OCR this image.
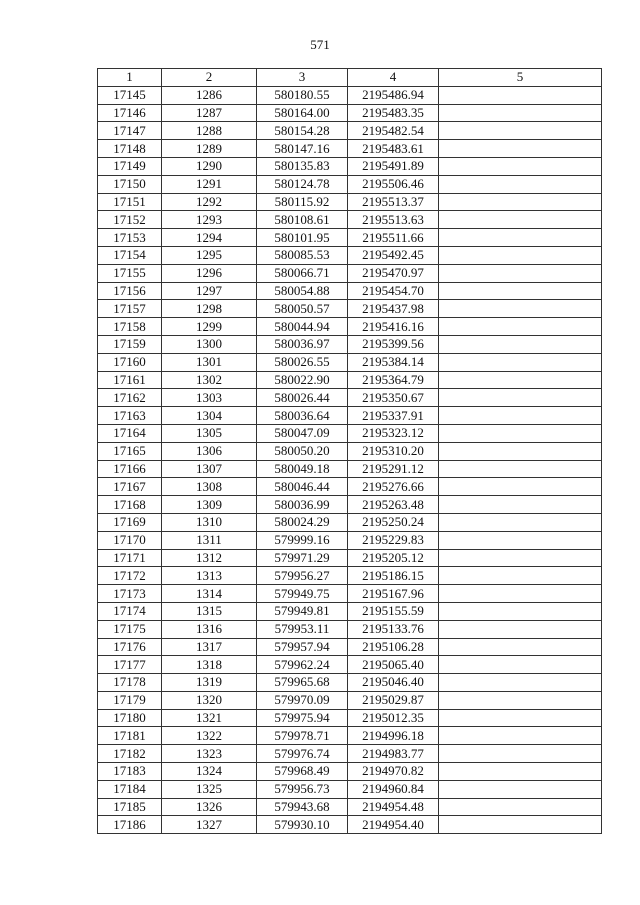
571
1	2	3	4	5
17145	1286	580180.55	2195486.94	
17146	1287	580164.00	2195483.35	
17147	1288	580154.28	2195482.54	
17148	1289	580147.16	2195483.61	
17149	1290	580135.83	2195491.89	
17150	1291	580124.78	2195506.46	
17151	1292	580115.92	2195513.37	
17152	1293	580108.61	2195513.63	
17153	1294	580101.95	2195511.66	
17154	1295	580085.53	2195492.45	
17155	1296	580066.71	2195470.97	
17156	1297	580054.88	2195454.70	
17157	1298	580050.57	2195437.98	
17158	1299	580044.94	2195416.16	
17159	1300	580036.97	2195399.56	
17160	1301	580026.55	2195384.14	
17161	1302	580022.90	2195364.79	
17162	1303	580026.44	2195350.67	
17163	1304	580036.64	2195337.91	
17164	1305	580047.09	2195323.12	
17165	1306	580050.20	2195310.20	
17166	1307	580049.18	2195291.12	
17167	1308	580046.44	2195276.66	
17168	1309	580036.99	2195263.48	
17169	1310	580024.29	2195250.24	
17170	1311	579999.16	2195229.83	
17171	1312	579971.29	2195205.12	
17172	1313	579956.27	2195186.15	
17173	1314	579949.75	2195167.96	
17174	1315	579949.81	2195155.59	
17175	1316	579953.11	2195133.76	
17176	1317	579957.94	2195106.28	
17177	1318	579962.24	2195065.40	
17178	1319	579965.68	2195046.40	
17179	1320	579970.09	2195029.87	
17180	1321	579975.94	2195012.35	
17181	1322	579978.71	2194996.18	
17182	1323	579976.74	2194983.77	
17183	1324	579968.49	2194970.82	
17184	1325	579956.73	2194960.84	
17185	1326	579943.68	2194954.48	
17186	1327	579930.10	2194954.40	
